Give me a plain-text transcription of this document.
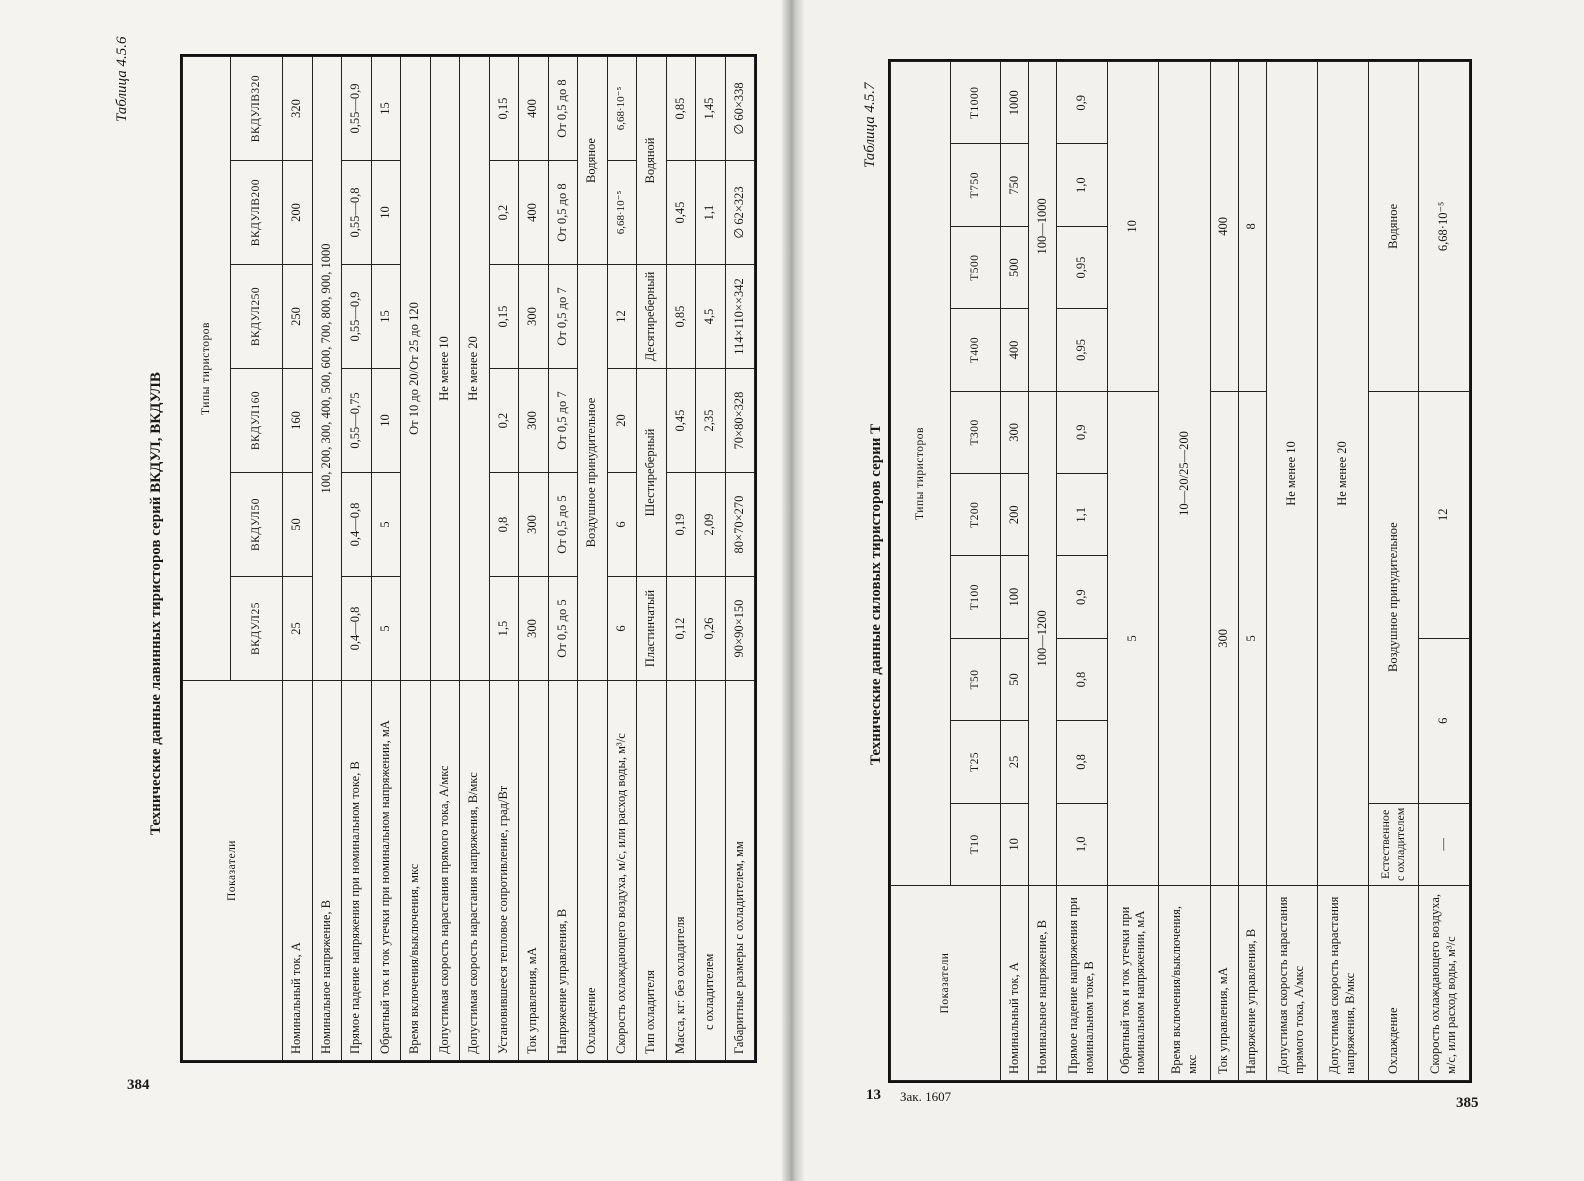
384
Таблица 4.5.6
Технические данные лавинных тиристоров серий ВКДУЛ, ВКДУЛВ
Показатели	Типы тиристоров					
	ВКДУЛ25	ВКДУЛ50	ВКДУЛ160	ВКДУЛ250	ВКДУЛВ200	ВКДУЛВ320
Номинальный ток, А	25	50	160	250	200	320
Номинальное напряжение, В	100, 200, 300, 400, 500, 600, 700, 800, 900, 1000					
Прямое падение напряжения при номинальном токе, В	0,4—0,8	0,4—0,8	0,55—0,75	0,55—0,9	0,55—0,8	0,55—0,9
Обратный ток и ток утечки при номинальном напряжении, мА	5	5	10	15	10	15
Время включения/выключения, мкс	От 10 до 20/От 25 до 120					
Допустимая скорость нарастания прямого тока, А/мкс	Не менее 10					
Допустимая скорость нарастания напряжения, В/мкс	Не менее 20					
Установившееся тепловое сопротивление, град/Вт	1,5	0,8	0,2	0,15	0,2	0,15
Ток управления, мА	300	300	300	300	400	400
Напряжение управления, В	От 0,5 до 5	От 0,5 до 5	От 0,5 до 7	От 0,5 до 7	От 0,5 до 8	От 0,5 до 8
Охлаждение	Воздушное принудительное				Водяное	
Скорость охлаждающего воздуха, м/с, или расход воды, м³/с	6	6	20	12	6,68·10⁻⁵	6,68·10⁻⁵
Тип охладителя	Пластинчатый	Шестиреберный		Десятиреберный	Водяной	
Масса, кг: без охладителя	0,12	0,19	0,45	0,85	0,45	0,85
с охладителем	0,26	2,09	2,35	4,5	1,1	1,45
Габаритные размеры с охладителем, мм	90×90×150	80×70×270	70×80×328	114×110××342	∅ 62×323	∅ 60×338
13 Зак. 1607	385
Таблица 4.5.7
Технические данные силовых тиристоров серии Т
Показатели	Типы тиристоров									
	Т10	Т25	Т50	Т100	Т200	Т300	Т400	Т500	Т750	Т1000
Номинальный ток, А	10	25	50	100	200	300	400	500	750	1000
Номинальное напряжение, В	100—1200						100—1000			
Прямое падение напряжения при номинальном токе, В	1,0	0,8	0,8	0,9	1,1	0,9	0,95	0,95	1,0	0,9
Обратный ток и ток утечки при номинальном напряжении, мА	5						10			
Время включения/выключения, мкс	10—20/25—200									
Ток управления, мА	300						400			
Напряжение управления, В	5						8			
Допустимая скорость нарастания прямого тока, А/мкс	Не менее 10									
Допустимая скорость нарастания напряжения, В/мкс	Не менее 20									
Охлаждение	Естественное с охладителем	Воздушное принудительное					Водяное			
Скорость охлаждающего воздуха, м/с, или расход воды, м³/с	—	6		12			6,68·10⁻⁵			
